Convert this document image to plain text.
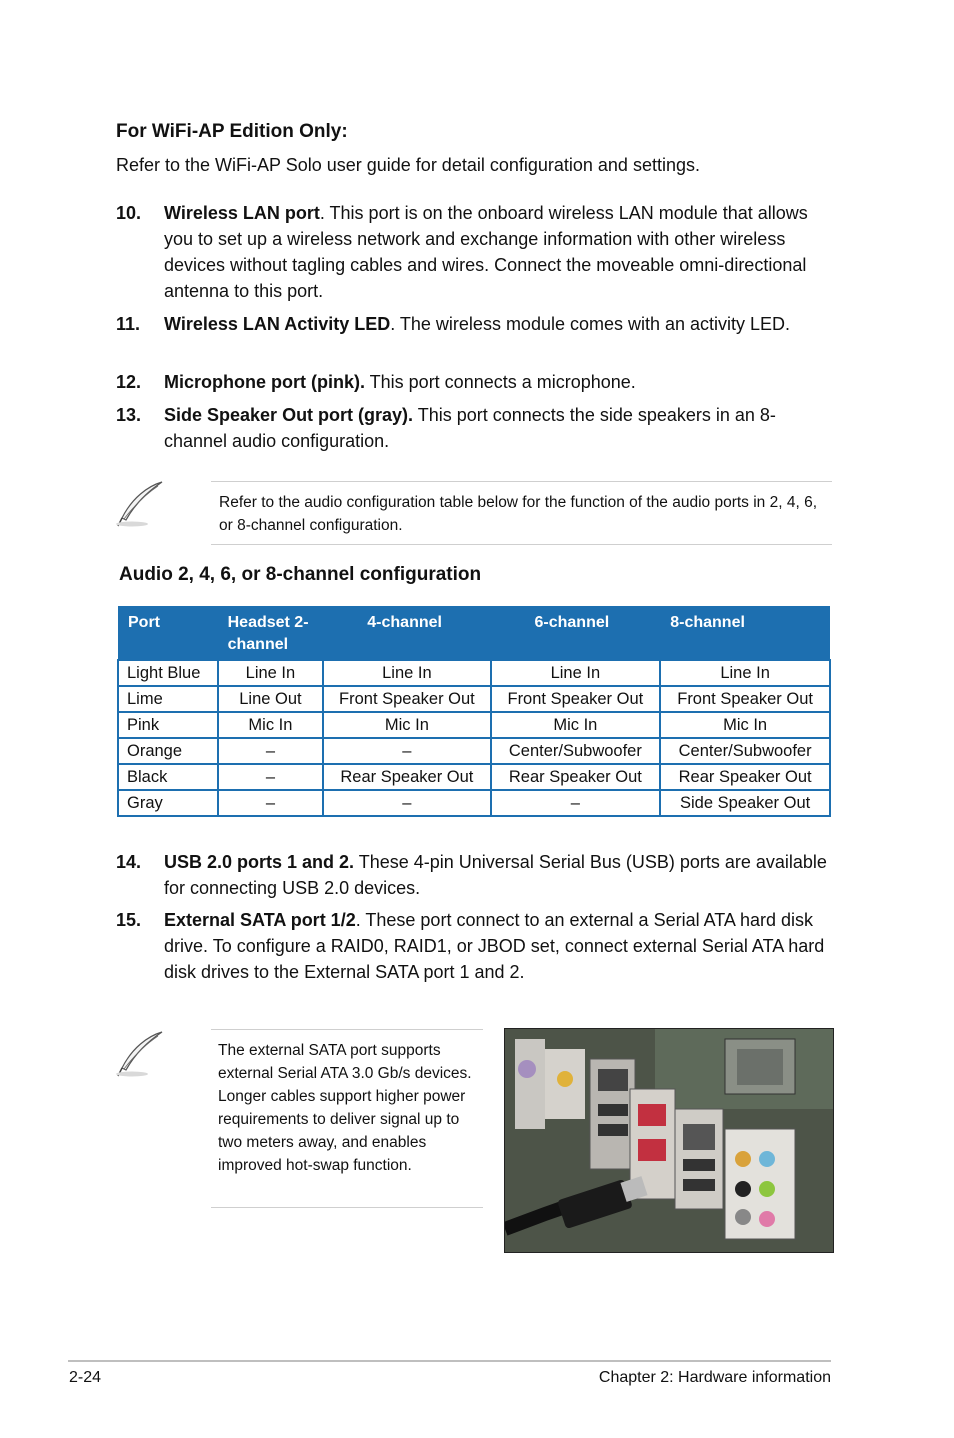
For WiFi-AP Edition Only:
Refer to the WiFi-AP Solo user guide for detail configuration and settings.
10. Wireless LAN port. This port is on the onboard wireless LAN module that allows you to set up a wireless network and exchange information with other wireless devices without tagling cables and wires. Connect the moveable omni-directional antenna to this port.
11. Wireless LAN Activity LED. The wireless module comes with an activity LED.
12. Microphone port (pink). This port connects a microphone.
13. Side Speaker Out port (gray). This port connects the side speakers in an 8-channel audio configuration.
Refer to the audio configuration table below for the function of the audio ports in 2, 4, 6, or 8-channel configuration.
Audio 2, 4, 6, or 8-channel configuration
Port	Headset 2-channel	4-channel	6-channel	8-channel
Light Blue	Line In	Line In	Line In	Line In
Lime	Line Out	Front Speaker Out	Front Speaker Out	Front Speaker Out
Pink	Mic In	Mic In	Mic In	Mic In
Orange	–	–	Center/Subwoofer	Center/Subwoofer
Black	–	Rear Speaker Out	Rear Speaker Out	Rear Speaker Out
Gray	–	–	–	Side Speaker Out
14. USB 2.0 ports 1 and 2. These 4-pin Universal Serial Bus (USB) ports are available for connecting USB 2.0 devices.
15. External SATA port 1/2. These port connect to an external a Serial ATA hard disk drive. To configure a RAID0, RAID1, or JBOD set, connect external Serial ATA hard disk drives to the External SATA port 1 and 2.
The external SATA port supports external Serial ATA 3.0 Gb/s devices. Longer cables support higher power requirements to deliver signal up to two meters away, and enables improved hot-swap function.
2-24	Chapter 2: Hardware information
